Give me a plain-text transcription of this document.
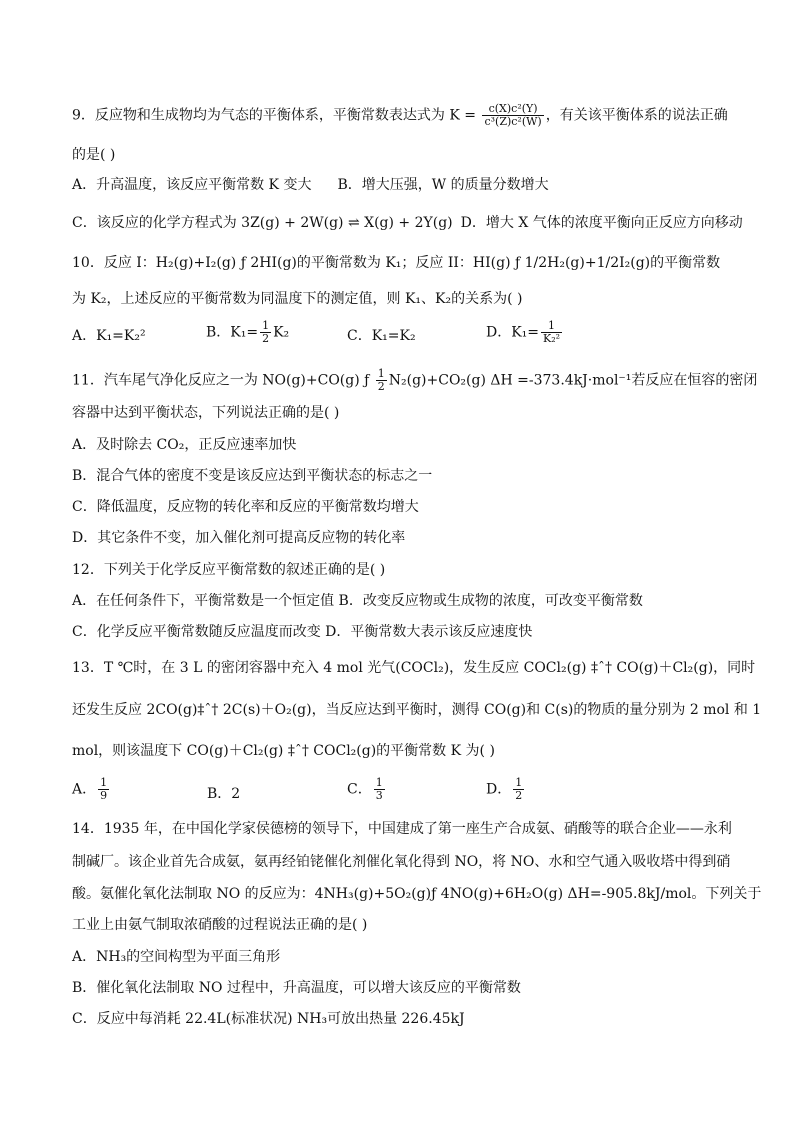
9．反应物和生成物均为气态的平衡体系，平衡常数表达式为 $K = \frac{\text{c(X)c²(Y)}}{\text{c³(Z)c²(W)}}$ ，有关该平衡体系的说法正确
的是( )
A．升高温度，该反应平衡常数 K 变大 B．增大压强，W 的质量分数增大
C．该反应的化学方程式为 3Z(g) + 2W(g) ⇌ X(g) + 2Y(g) D．增大 X 气体的浓度平衡向正反应方向移动
10．反应 I：H₂(g)+I₂(g) ƒ 2HI(g)的平衡常数为 K₁；反应 II：HI(g) ƒ 1/2H₂(g)+1/2I₂(g)的平衡常数
为 K₂，上述反应的平衡常数为同温度下的测定值，则 K₁、K₂的关系为( )
A．K₁=K₂²	B．$K_1= \frac{1}{2} K_2$	C．K₁=K₂	D．$K_1= \frac{1}{\text{K₂²}}$
11．汽车尾气净化反应之一为 NO(g)+CO(g) ƒ $\frac{1}{2} N_2(g)+CO_2(g)$ ΔH =-373.4kJ·mol⁻¹若反应在恒容的密闭
容器中达到平衡状态，下列说法正确的是( )
A．及时除去 CO₂，正反应速率加快
B．混合气体的密度不变是该反应达到平衡状态的标志之一
C．降低温度，反应物的转化率和反应的平衡常数均增大
D．其它条件不变，加入催化剂可提高反应物的转化率
12．下列关于化学反应平衡常数的叙述正确的是( )
A．在任何条件下，平衡常数是一个恒定值 B．改变反应物或生成物的浓度，可改变平衡常数
C．化学反应平衡常数随反应温度而改变 D．平衡常数大表示该反应速度快
13．T ℃时，在 3 L 的密闭容器中充入 4 mol 光气(COCl₂)，发生反应 COCl₂(g) ‡ˆ† CO(g)＋Cl₂(g)，同时
还发生反应 2CO(g)‡ˆ† 2C(s)＋O₂(g)，当反应达到平衡时，测得 CO(g)和 C(s)的物质的量分别为 2 mol 和 1
mol，则该温度下 CO(g)＋Cl₂(g) ‡ˆ† COCl₂(g)的平衡常数 K 为( )
A． $\frac{1}{9}$	B．2	C． $\frac{1}{3}$	D． $\frac{1}{2}$
14．1935 年，在中国化学家侯德榜的领导下，中国建成了第一座生产合成氨、硝酸等的联合企业——永利
制碱厂。该企业首先合成氨，氨再经铂铑催化剂催化氧化得到 NO，将 NO、水和空气通入吸收塔中得到硝
酸。氨催化氧化法制取 NO 的反应为：4NH₃(g)+5O₂(g)ƒ 4NO(g)+6H₂O(g) ΔH=-905.8kJ/mol。下列关于
工业上由氨气制取浓硝酸的过程说法正确的是( )
A．NH₃的空间构型为平面三角形
B．催化氧化法制取 NO 过程中，升高温度，可以增大该反应的平衡常数
C．反应中每消耗 22.4L(标准状况) NH₃可放出热量 226.45kJ
